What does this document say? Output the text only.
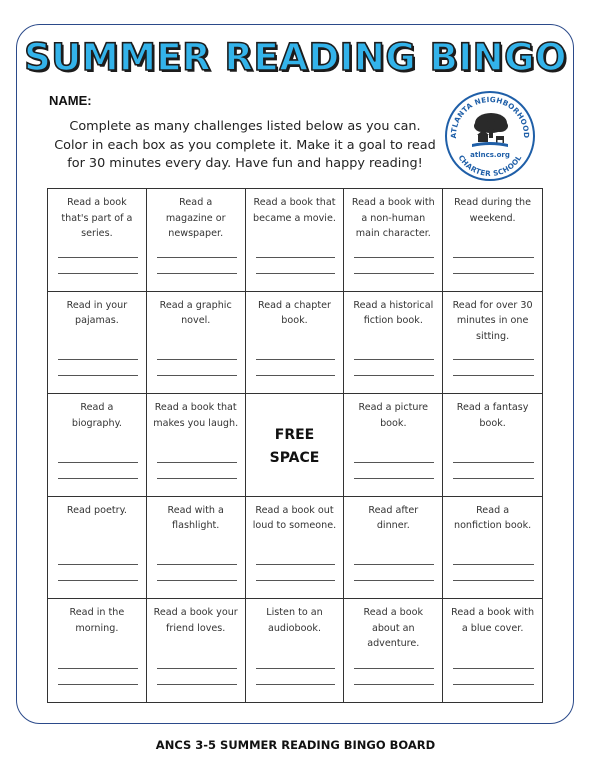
SUMMER READING BINGO
NAME:
Complete as many challenges listed below as you can.
Color in each box as you complete it. Make it a goal to read
for 30 minutes every day. Have fun and happy reading!
ATLANTA NEIGHBORHOOD
CHARTER SCHOOL
atlncs.org
Read a book
that's part of a
series.
Read a
magazine or
newspaper.
Read a book that
became a movie.
Read a book with
a non-human
main character.
Read during the
weekend.
Read in your
pajamas.
Read a graphic
novel.
Read a chapter
book.
Read a historical
fiction book.
Read for over 30
minutes in one
sitting.
Read a
biography.
Read a book that
makes you laugh.
FREE
SPACE
Read a picture
book.
Read a fantasy
book.
Read poetry.	Read with a
flashlight.
Read a book out
loud to someone.
Read after
dinner.
Read a
nonfiction book.
Read in the
morning.
Read a book your
friend loves.
Listen to an
audiobook.
Read a book
about an
adventure.
Read a book with
a blue cover.
ANCS 3-5 SUMMER READING BINGO BOARD
